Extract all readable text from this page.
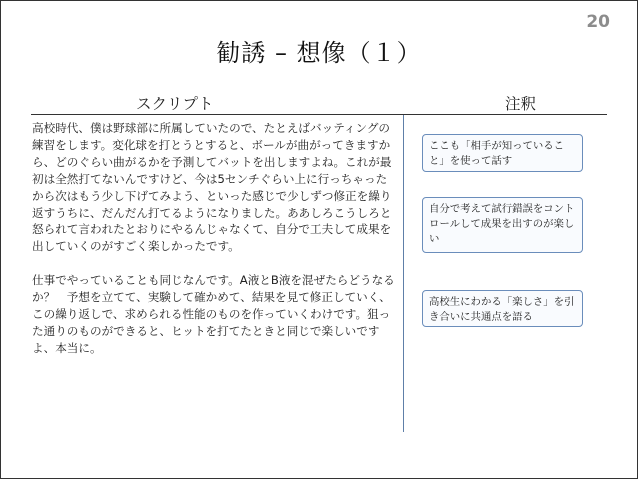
20
勧誘 – 想像（１）
スクリプト	注釈

高校時代、僕は野球部に所属していたので、たとえばバッティングの練習をします。変化球を打とうとすると、ボールが曲がってきますから、どのぐらい曲がるかを予測してバットを出しますよね。これが最初は全然打てないんですけど、今は5センチぐらい上に行っちゃったから次はもう少し下げてみよう、といった感じで少しずつ修正を繰り返すうちに、だんだん打てるようになりました。ああしろこうしろと怒られて言われたとおりにやるんじゃなくて、自分で工夫して成果を出していくのがすごく楽しかったです。

仕事でやっていることも同じなんです。A液とB液を混ぜたらどうなるか？　予想を立てて、実験して確かめて、結果を見て修正していく、この繰り返しで、求められる性能のものを作っていくわけです。狙った通りのものができると、ヒットを打てたときと同じで楽しいですよ、本当に。

ここも「相手が知っていること」を使って話す
自分で考えて試行錯誤をコントロールして成果を出すのが楽しい
高校生にわかる「楽しさ」を引き合いに共通点を語る
